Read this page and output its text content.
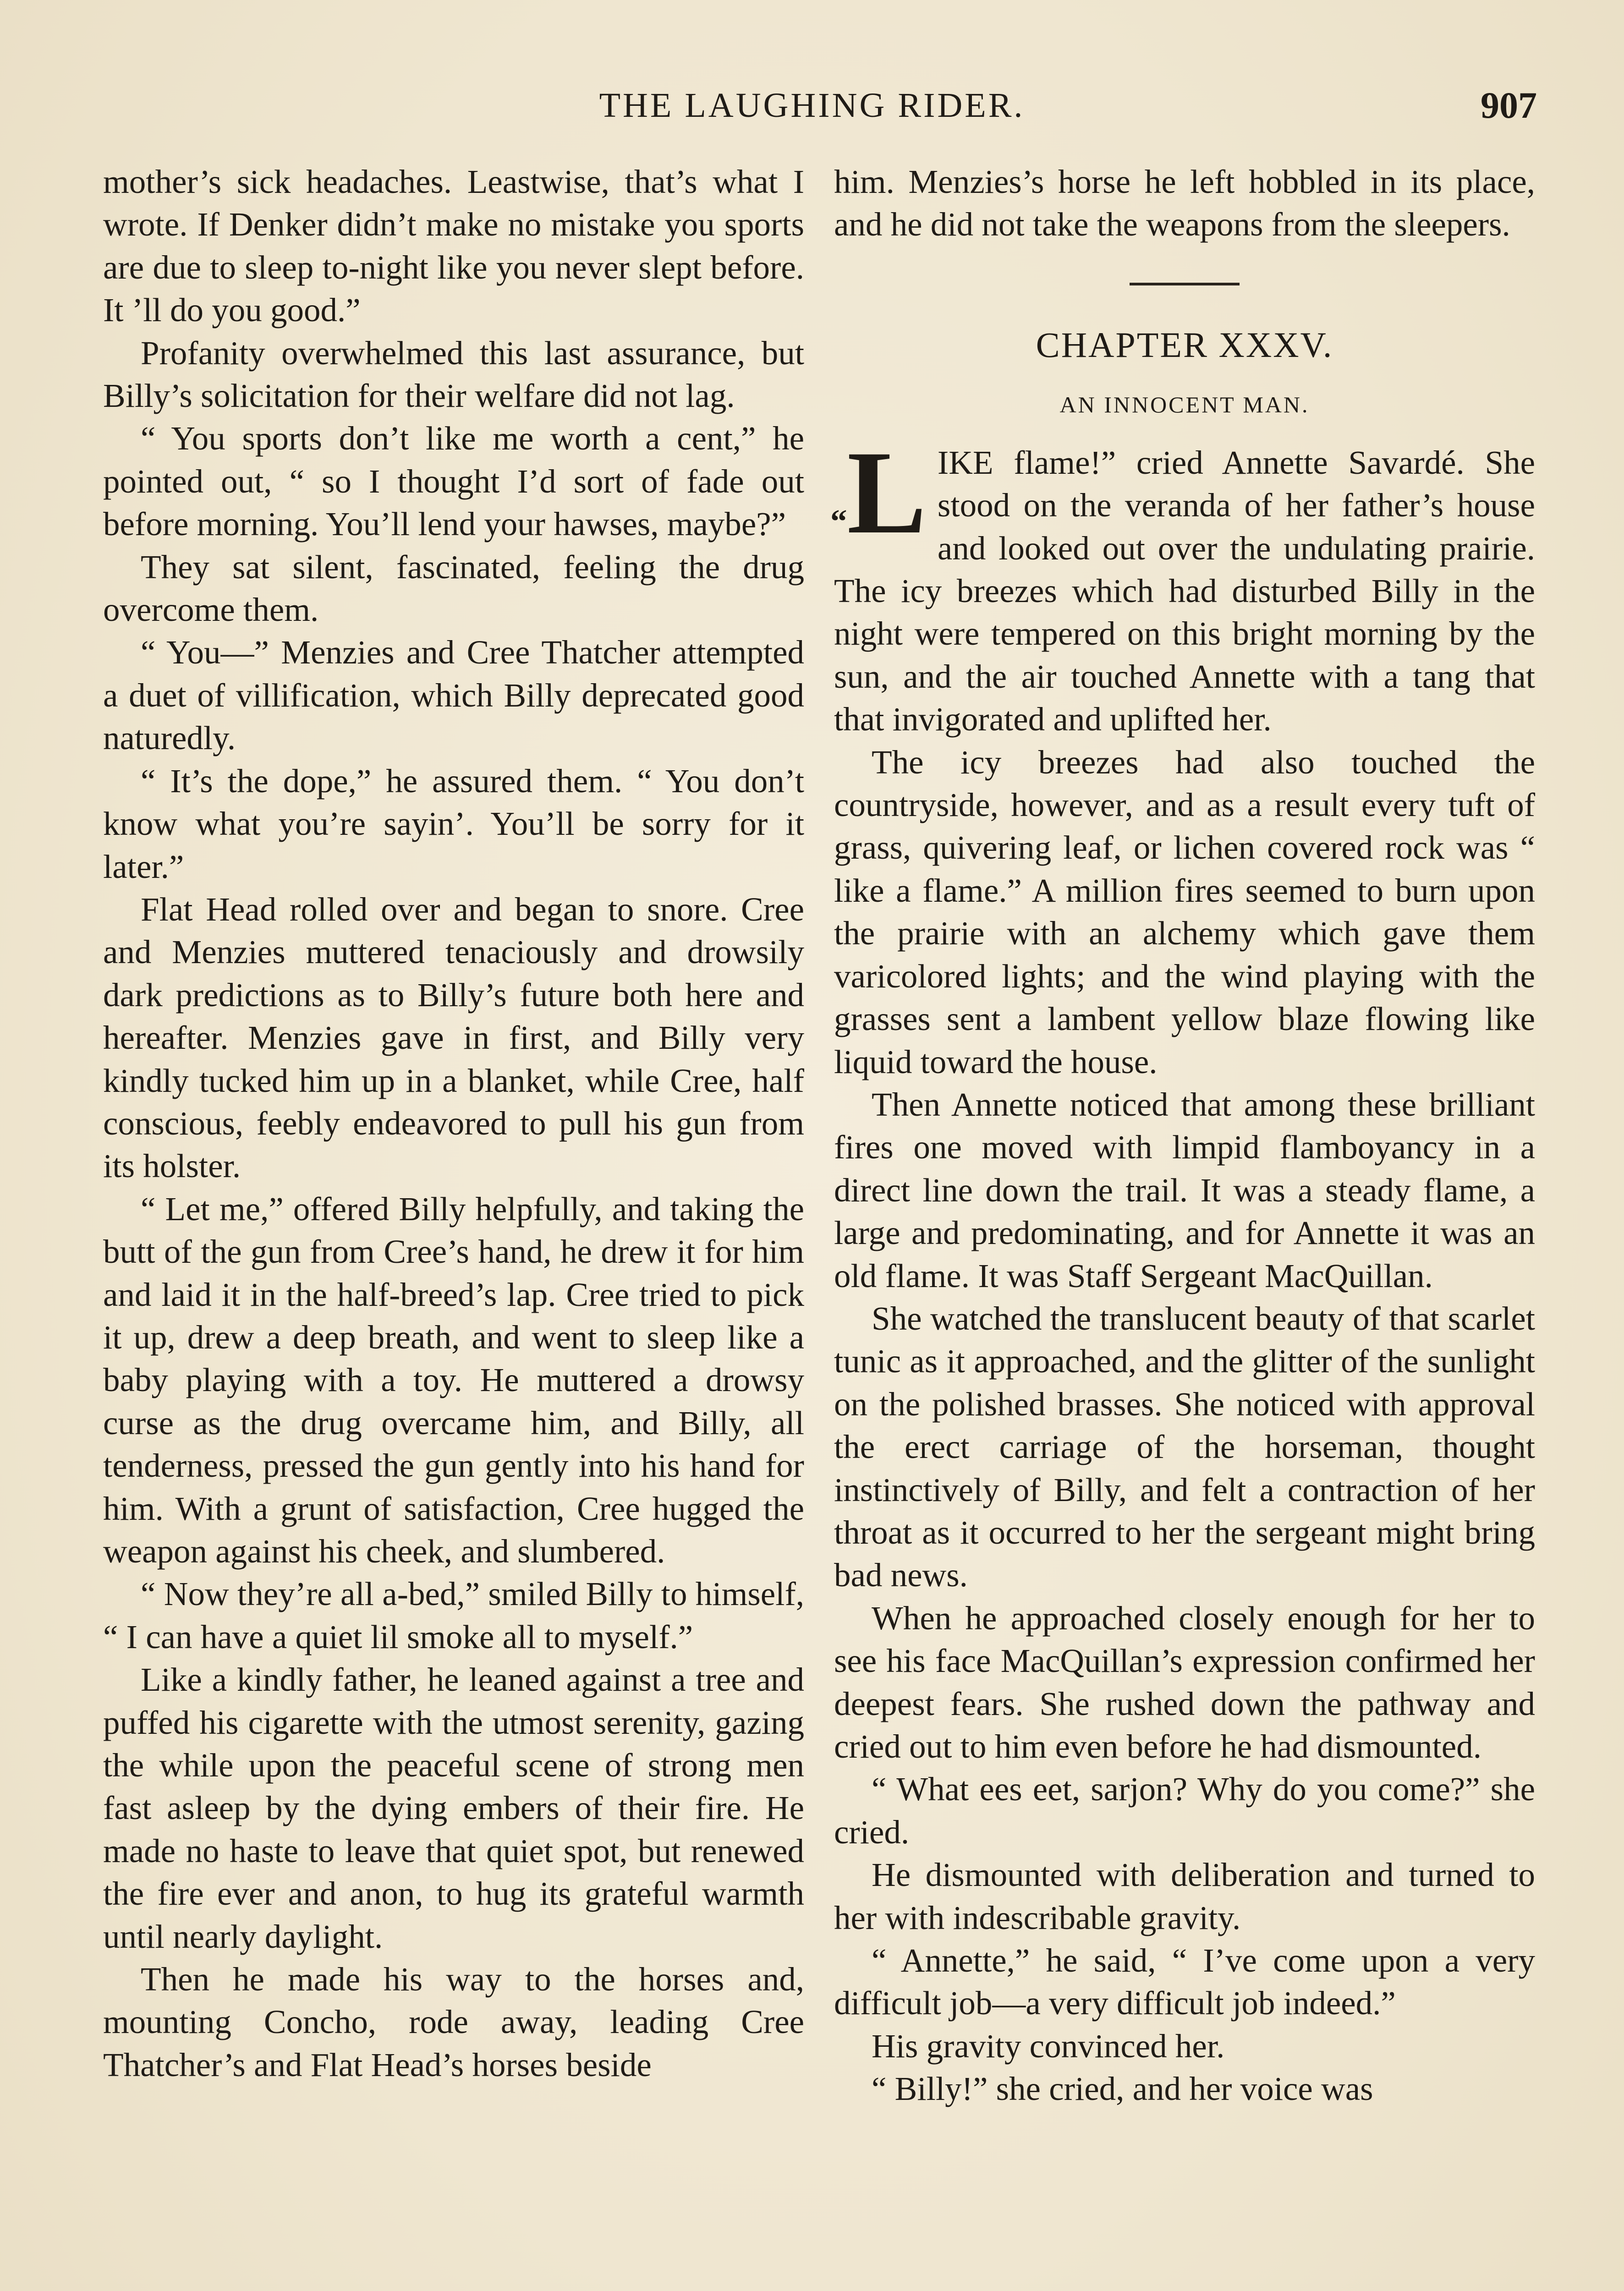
THE LAUGHING RIDER.	907

mother’s sick headaches. Leastwise, that’s what I wrote. If Denker didn’t make no mistake you sports are due to sleep to-night like you never slept before. It ’ll do you good.”

Profanity overwhelmed this last assurance, but Billy’s solicitation for their welfare did not lag.

“ You sports don’t like me worth a cent,” he pointed out, “ so I thought I’d sort of fade out before morning. You’ll lend your hawses, maybe?”

They sat silent, fascinated, feeling the drug overcome them.

“ You—” Menzies and Cree Thatcher attempted a duet of villification, which Billy deprecated good naturedly.

“ It’s the dope,” he assured them. “ You don’t know what you’re sayin’. You’ll be sorry for it later.”

Flat Head rolled over and began to snore. Cree and Menzies muttered tenaciously and drowsily dark predictions as to Billy’s future both here and hereafter. Menzies gave in first, and Billy very kindly tucked him up in a blanket, while Cree, half conscious, feebly endeavored to pull his gun from its holster.

“ Let me,” offered Billy helpfully, and taking the butt of the gun from Cree’s hand, he drew it for him and laid it in the half-breed’s lap. Cree tried to pick it up, drew a deep breath, and went to sleep like a baby playing with a toy. He muttered a drowsy curse as the drug overcame him, and Billy, all tenderness, pressed the gun gently into his hand for him. With a grunt of satisfaction, Cree hugged the weapon against his cheek, and slumbered.

“ Now they’re all a-bed,” smiled Billy to himself, “ I can have a quiet lil smoke all to myself.”

Like a kindly father, he leaned against a tree and puffed his cigarette with the utmost serenity, gazing the while upon the peaceful scene of strong men fast asleep by the dying embers of their fire. He made no haste to leave that quiet spot, but renewed the fire ever and anon, to hug its grateful warmth until nearly daylight.

Then he made his way to the horses and, mounting Concho, rode away, leading Cree Thatcher’s and Flat Head’s horses beside

him. Menzies’s horse he left hobbled in its place, and he did not take the weapons from the sleepers.

CHAPTER XXXV.
AN INNOCENT MAN.

“L IKE flame!” cried Annette Savardé. She stood on the veranda of her father’s house and looked out over the undulating prairie. The icy breezes which had disturbed Billy in the night were tempered on this bright morning by the sun, and the air touched Annette with a tang that that invigorated and uplifted her.

The icy breezes had also touched the countryside, however, and as a result every tuft of grass, quivering leaf, or lichen covered rock was “ like a flame.” A million fires seemed to burn upon the prairie with an alchemy which gave them varicolored lights; and the wind playing with the grasses sent a lambent yellow blaze flowing like liquid toward the house.

Then Annette noticed that among these brilliant fires one moved with limpid flamboyancy in a direct line down the trail. It was a steady flame, a large and predominating, and for Annette it was an old flame. It was Staff Sergeant MacQuillan.

She watched the translucent beauty of that scarlet tunic as it approached, and the glitter of the sunlight on the polished brasses. She noticed with approval the erect carriage of the horseman, thought instinctively of Billy, and felt a contraction of her throat as it occurred to her the sergeant might bring bad news.

When he approached closely enough for her to see his face MacQuillan’s expression confirmed her deepest fears. She rushed down the pathway and cried out to him even before he had dismounted.

“ What ees eet, sarjon? Why do you come?” she cried.

He dismounted with deliberation and turned to her with indescribable gravity.

“ Annette,” he said, “ I’ve come upon a very difficult job—a very difficult job indeed.”

His gravity convinced her.

“ Billy!” she cried, and her voice was
